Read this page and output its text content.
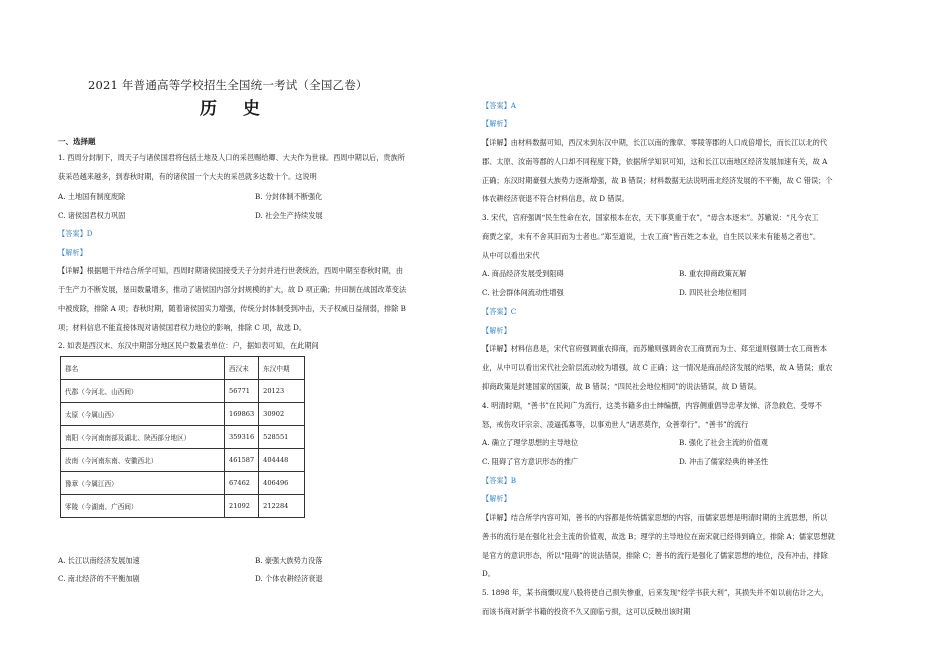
2021 年普通高等学校招生全国统一考试（全国乙卷）
历 史
一、选择题
1. 西周分封制下，周天子与诸侯国君将包括土地及人口的采邑赐给卿、大夫作为世禄。西周中期以后，贵族所
获采邑越来越多，到春秋时期，有的诸侯国一个大夫的采邑就多达数十个。这说明
A. 土地国有制度废除	B. 分封体制不断强化
C. 诸侯国君权力巩固	D. 社会生产持续发展
【答案】D
【解析】
【详解】根据题干并结合所学可知，西周时期诸侯国接受天子分封并进行世袭统治，西周中期至春秋时期，由
于生产力不断发展，垦田数量增多，推动了诸侯国内部分封规模的扩大，故 D 项正确；井田制在战国改革变法
中被废除，排除 A 项；春秋时期，随着诸侯国实力增强，传统分封体制受到冲击，天子权威日益削弱，排除 B
项；材料信息不能直接体现对诸侯国君权力地位的影响，排除 C 项，故选 D。
2. 如表是西汉末、东汉中期部分地区民户数量表单位：户，据如表可知，在此期间
郡名	西汉末	东汉中期
代郡（今河北、山西间）	56771	20123
太原（今属山西）	169863	30902
南阳（今河南南部及湖北、陕西部分地区）	359316	528551
汝南（今河南东南、安徽西北）	461587	404448
豫章（今属江西）	67462	406496
零陵（今湖南、广西间）	21092	212284
A. 长江以南经济发展加速	B. 豪强大族势力没落
C. 南北经济的不平衡加剧	D. 个体农耕经济衰退
【答案】A
【解析】
【详解】由材料数据可知，西汉末到东汉中期，长江以南的豫章、零陵等郡的人口成倍增长，而长江以北的代
郡、太原、汝南等郡的人口却不同程度下降，依据所学知识可知，这和长江以南地区经济发展加速有关，故 A
正确；东汉时期豪强大族势力逐渐增强，故 B 错误；材料数据无法说明南北经济发展的不平衡，故 C 错误；个
体农耕经济衰退不符合材料信息，故 D 错误。
3. 宋代，官府强调“民生性命在农，国家根本在农，天下事莫重于农”，“毋含本逐末”。苏辙说：“凡今农工
商贾之家，未有不舍其旧而为士者也。”郑至道说，士农工商“皆百姓之本业，自生民以来未有能易之者也”。
从中可以看出宋代
A. 商品经济发展受到阻碍	B. 重农抑商政策瓦解
C. 社会群体间流动性增强	D. 四民社会地位相同
【答案】C
【解析】
【详解】材料信息是，宋代官府强调重农抑商，而苏辙则强调舍农工商贾而为士、郑至道则强调士农工商皆本
业，从中可以看出宋代社会阶层流动较为增强，故 C 正确；这一情况是商品经济发展的结果，故 A 错误；重农
抑商政策是封建国家的国策，故 B 错误；“四民社会地位相同”的说法错误，故 D 错误。
4. 明清时期，“善书”在民间广为流行，这类书籍多由士绅编撰，内容侧重倡导忠孝友悌、济急救危、受辱不
怒，戒伤攻讦宗亲、凌逼孤寡等，以事劝世人“诸恶莫作，众善奉行”。“善书”的流行
A. 确立了理学思想的主导地位	B. 强化了社会主流的价值观
C. 阻碍了官方意识形态的推广	D. 冲击了儒家经典的神圣性
【答案】B
【解析】
【详解】结合所学内容可知，善书的内容都是传统儒家思想的内容，而儒家思想是明清时期的主流思想，所以
善书的流行是在强化社会主流的价值观，故选 B；理学的主导地位在南宋就已经得到确立，排除 A；儒家思想就
是官方的意识形态，所以“阻碍”的说法错误，排除 C；善书的流行是强化了儒家思想的地位，没有冲击，排除
D。
5. 1898 年，某书商慨叹度八股将使自己损失惨重，后来发现“经学书获大利”，其损失并不如以前估计之大，
而该书商对新学书籍的投资不久又面临亏损，这可以反映出该时期
